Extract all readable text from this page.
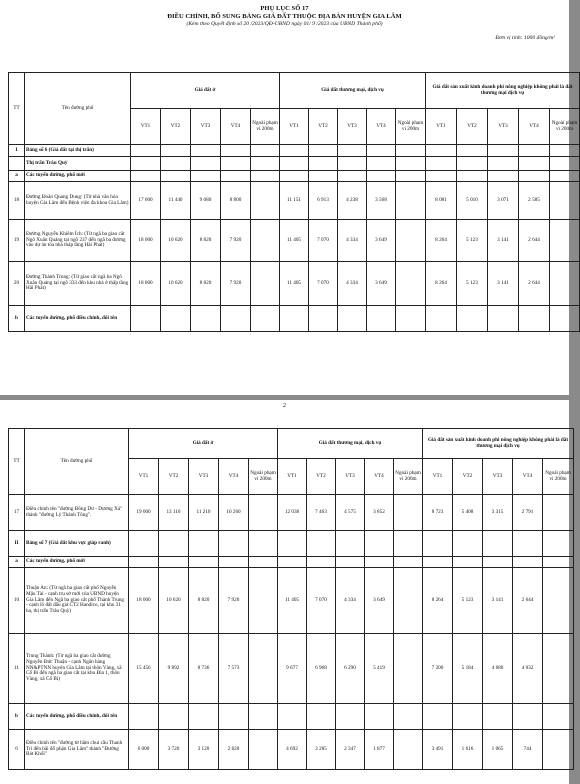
PHỤ LỤC SỐ 17
ĐIỀU CHỈNH, BỔ SUNG BẢNG GIÁ ĐẤT THUỘC ĐỊA BÀN HUYỆN GIA LÂM
(Kèm theo Quyết định số 20 /2023/QĐ-UBND ngày 01/ 9 /2023 của UBND Thành phố)
Đơn vị tính: 1000 đồng/m²
TT	Tên đường phố	Giá đất ở					Giá đất thương mại, dịch vụ					Giá đất sản xuất kinh doanh phi nông nghiệp không phải là đất thương mại dịch vụ				
		VT1	VT2	VT3	VT4	Ngoài phạm vi 200m	VT1	VT2	VT3	VT4	Ngoài phạm vi 200m	VT1	VT2	VT3	VT4	Ngoài phạm vi 200m
I	Bảng số 6 (Giá đất tại thị trấn)															
	Thị trấn Trâu Quỳ															
a	Các tuyến đường, phố mới															
18	Đường Đoàn Quang Dung: (Từ nhà văn hóa huyện Gia Lâm đến Bệnh viện đa khoa Gia Lâm)	17 600	11 440	9 680	8 800		11 151	6 913	4 238	3 568		8 081	5 010	3 071	2 585	
19	Đường Nguyễn Khiêm Ích: (Từ ngã ba giao cắt Ngô Xuân Quảng tại ngõ 237 đến ngã ba đường vào dự án tòa nhà tháp tầng Hải Phát)	18 000	10 620	8 820	7 920		11 405	7 070	4 334	3 649		8 264	5 123	3 141	2 644	
20	Đường Thành Trung: (Từ giao cắt ngã ba Ngô Xuân Quảng tại ngõ 333 đến khu nhà ở thấp tầng Hải Phát)	18 000	10 620	8 820	7 920		11 405	7 070	4 334	3 649		8 264	5 123	3 141	2 644	
b	Các tuyến đường, phố điều chỉnh, đổi tên															
2
TT	Tên đường phố	Giá đất ở					Giá đất thương mại, dịch vụ					Giá đất sản xuất kinh doanh phi nông nghiệp không phải là đất thương mại dịch vụ				
		VT1	VT2	VT3	VT4	Ngoài phạm vi 200m	VT1	VT2	VT3	VT4	Ngoài phạm vi 200m	VT1	VT2	VT3	VT4	Ngoài phạm vi 200m
17	Điều chỉnh tên "đường Đông Dư - Dương Xá" thành "đường Lý Thánh Tông".	19 000	13 110	11 210	10 260		12 038	7 463	4 575	3 852		8 723	5 408	3 315	2 791	
II	Bảng số 7 (Giá đất khu vực giáp ranh)															
a	Các tuyến đường, phố mới															
10	Thuận An: (Từ ngã ba giao cắt phố Nguyễn Mậu Tài - cạnh trụ sở mới của UBND huyện Gia Lâm đến Ngã ba giao cắt phố Thành Trung - cạnh lô đất đấu giá CT2 Handico, tại khu 31 ha, thị trấn Trâu Quỳ)	18 000	10 620	8 820	7 920		11 405	7 070	4 334	3 649		8 264	5 123	3 141	2 644	
11	Trung Thành: (Từ ngã ba giao cắt đường Nguyễn Đức Thuận - cạnh Ngân hàng NN&PTNN huyện Gia Lâm tại thôn Vàng, xã Cổ Bi đến ngã ba giao cắt tại khu Đìa 1, thôn Vàng, xã Cổ Bi)	15 456	9 892	8 736	7 573		9 677	6 968	6 290	5 419		7 200	5 184	4 680	4 032	
b	Các tuyến đường, phố điều chỉnh, đổi tên															
6	Điều chỉnh tên "đường từ hầm chui cầu Thanh Trì đến bãi đổ phận Gia Lâm" thành "Đường Bát Khối"	6 000	3 720	3 120	2 820		4 692	3 285	2 347	1 877		3 491	1 616	1 065	744	
